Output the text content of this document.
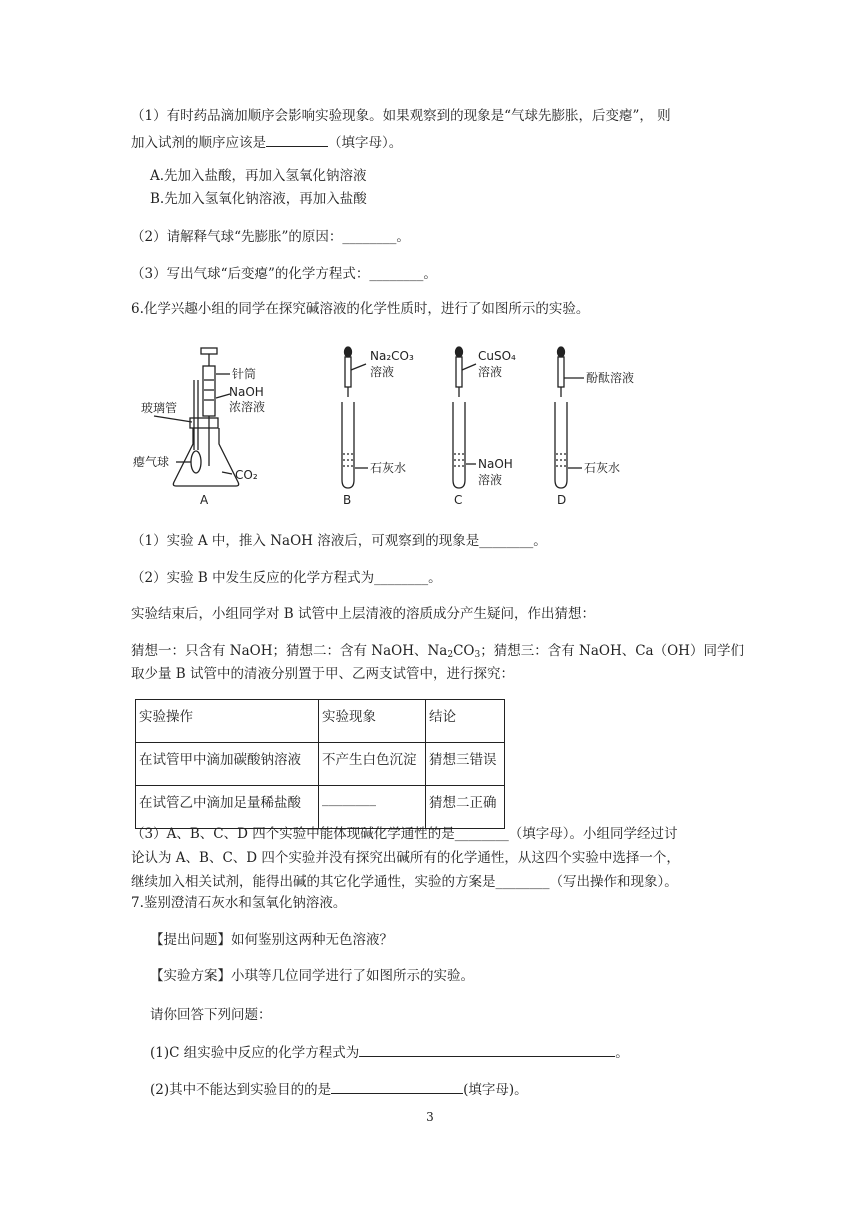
（1）有时药品滴加顺序会影响实验现象。如果观察到的现象是“气球先膨胀，后变瘪”， 则
加入试剂的顺序应该是	（填字母）。
A.先加入盐酸，再加入氢氧化钠溶液
B.先加入氢氧化钠溶液，再加入盐酸
（2）请解释气球“先膨胀”的原因：________。
（3）写出气球“后变瘪”的化学方程式：________。
6.化学兴趣小组的同学在探究碱溶液的化学性质时，进行了如图所示的实验。
针筒
NaOH
浓溶液
玻璃管
瘪气球
CO₂
A
Na₂CO₃
溶液
石灰水
B
CuSO₄
溶液
NaOH
溶液
C
酚酞溶液
石灰水
D
（1）实验 A 中，推入 NaOH 溶液后，可观察到的现象是________。
（2）实验 B 中发生反应的化学方程式为________。
实验结束后，小组同学对 B 试管中上层清液的溶质成分产生疑问，作出猜想：
猜想一：只含有 NaOH；猜想二：含有 NaOH、$Na_2CO_3$；猜想三：含有 NaOH、Ca（OH）同学们
取少量 B 试管中的清液分别置于甲、乙两支试管中，进行探究：
实验操作	实验现象	结论
在试管甲中滴加碳酸钠溶液	不产生白色沉淀	猜想三错误
在试管乙中滴加足量稀盐酸	________	猜想二正确
（3）A、B、C、D 四个实验中能体现碱化学通性的是________（填字母）。小组同学经过讨
论认为 A、B、C、D 四个实验并没有探究出碱所有的化学通性，从这四个实验中选择一个，
继续加入相关试剂，能得出碱的其它化学通性，实验的方案是________（写出操作和现象）。
7.鉴别澄清石灰水和氢氧化钠溶液。
【提出问题】如何鉴别这两种无色溶液？
【实验方案】小琪等几位同学进行了如图所示的实验。
请你回答下列问题：
(1)C 组实验中反应的化学方程式为	。
(2)其中不能达到实验目的的是	(填字母)。
3
